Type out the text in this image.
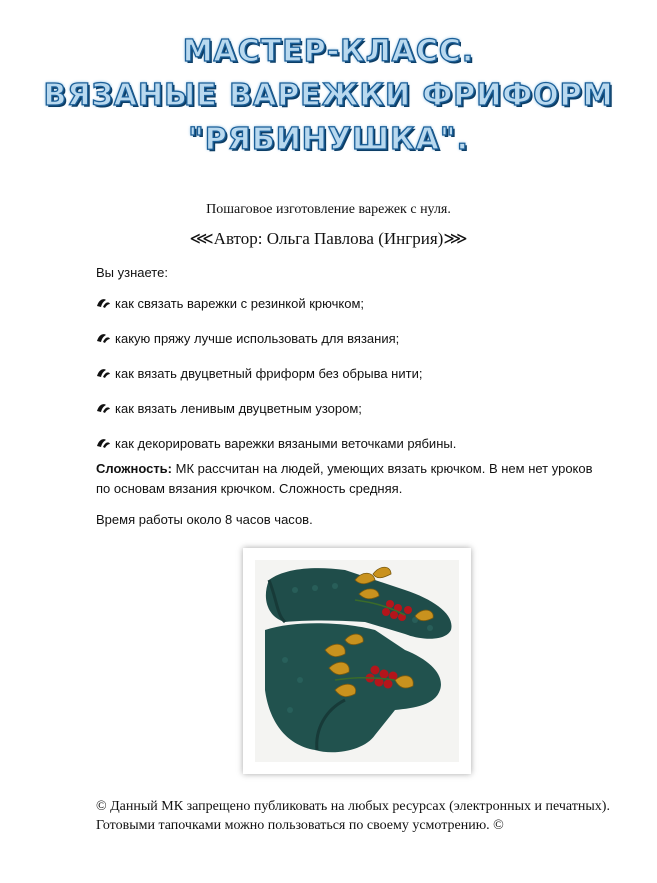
МАСТЕР-КЛАСС.
ВЯЗАНЫЕ ВАРЕЖКИ ФРИФОРМ
"РЯБИНУШКА".
Пошаговое изготовление варежек с нуля.
⋘Автор: Ольга Павлова (Ингрия)⋙
Вы узнаете:
как связать варежки с резинкой крючком;
какую пряжу лучше использовать для вязания;
как вязать двуцветный фриформ без обрыва нити;
как вязать ленивым двуцветным узором;
как декорировать варежки вязаными веточками рябины.
Сложность: МК рассчитан на людей, умеющих вязать крючком. В нем нет уроков по основам вязания крючком. Сложность средняя.
Время работы около 8 часов часов.
© Данный МК запрещено публиковать на любых ресурсах (электронных и печатных). Готовыми тапочками можно пользоваться по своему усмотрению. ©
